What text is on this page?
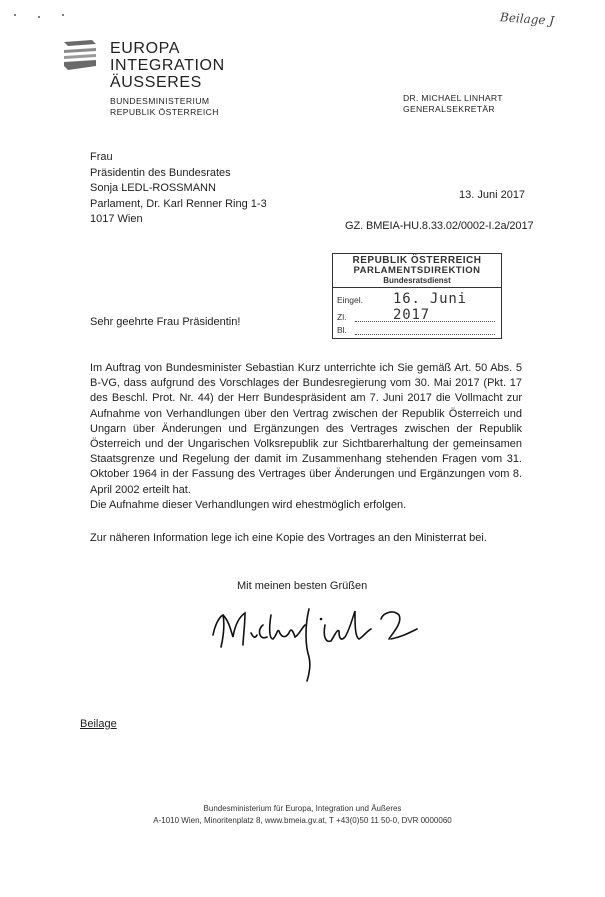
Beilage J
EUROPA
INTEGRATION
ÄUSSERES
BUNDESMINISTERIUM
REPUBLIK ÖSTERREICH
DR. MICHAEL LINHART
GENERALSEKRETÄR
Frau
Präsidentin des Bundesrates
Sonja LEDL-ROSSMANN
Parlament, Dr. Karl Renner Ring 1-3
1017 Wien
13. Juni 2017
GZ. BMEIA-HU.8.33.02/0002-I.2a/2017
REPUBLIK ÖSTERREICH
PARLAMENTSDIREKTION
Bundesratsdienst
Eingel. 16. Juni 2017
Zl.
Bl.
Sehr geehrte Frau Präsidentin!

Im Auftrag von Bundesminister Sebastian Kurz unterrichte ich Sie gemäß Art. 50 Abs. 5 B-VG, dass aufgrund des Vorschlages der Bundesregierung vom 30. Mai 2017 (Pkt. 17 des Beschl. Prot. Nr. 44) der Herr Bundespräsident am 7. Juni 2017 die Vollmacht zur Aufnahme von Verhandlungen über den Vertrag zwischen der Republik Österreich und Ungarn über Änderungen und Ergänzungen des Vertrages zwischen der Republik Österreich und der Ungarischen Volksrepublik zur Sichtbarerhaltung der gemeinsamen Staatsgrenze und Regelung der damit im Zusammenhang stehenden Fragen vom 31. Oktober 1964 in der Fassung des Vertrages über Änderungen und Ergänzungen vom 8. April 2002 erteilt hat.

Die Aufnahme dieser Verhandlungen wird ehestmöglich erfolgen.

Zur näheren Information lege ich eine Kopie des Vortrages an den Ministerrat bei.
Mit meinen besten Grüßen
Beilage
Bundesministerium für Europa, Integration und Äußeres
A-1010 Wien, Minoritenplatz 8, www.bmeia.gv.at, T +43(0)50 11 50-0, DVR 0000060
